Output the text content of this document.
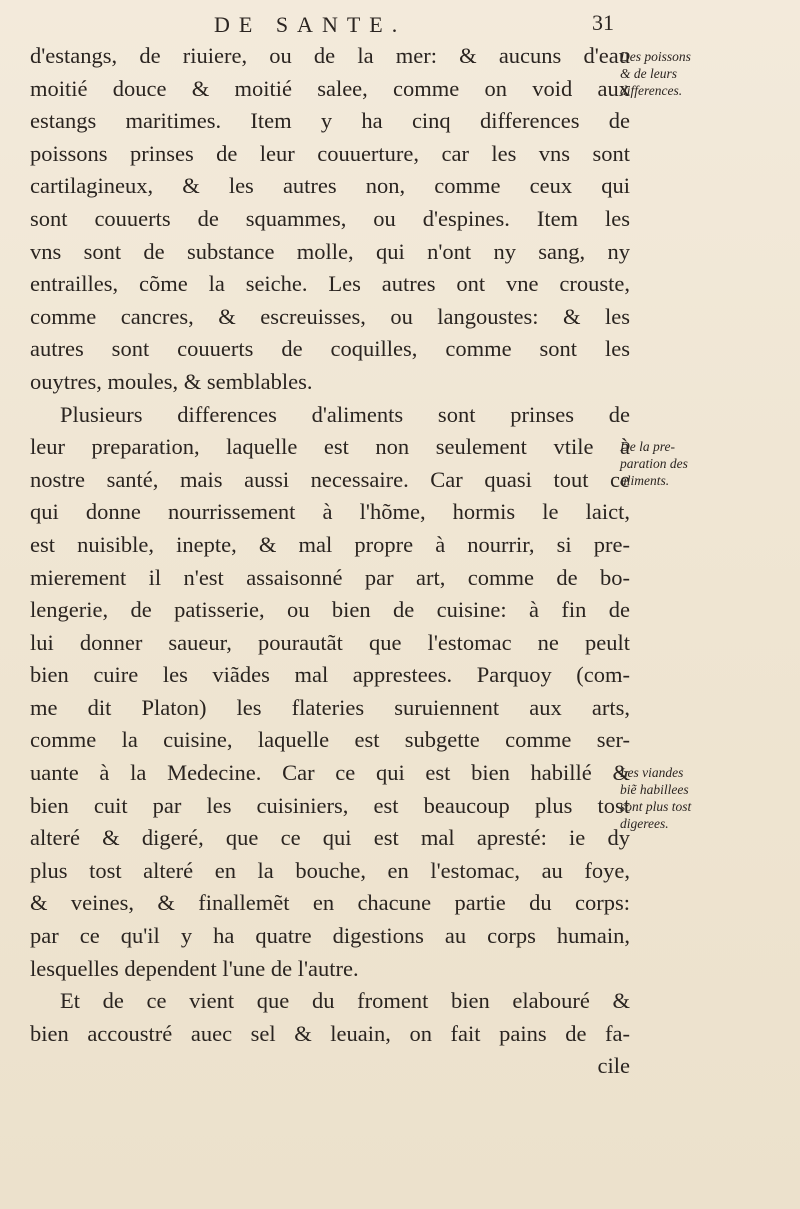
DE SANTE.	31
d'estangs, de riuiere, ou de la mer: & aucuns d'eau
moitié douce & moitié salee, comme on void aux
estangs maritimes. Item y ha cinq differences de
poissons prinses de leur couuerture, car les vns sont
cartilagineux, & les autres non, comme ceux qui
sont couuerts de squammes, ou d'espines. Item les
vns sont de substance molle, qui n'ont ny sang, ny
entrailles, cõme la seiche. Les autres ont vne crouste,
comme cancres, & escreuisses, ou langoustes: & les
autres sont couuerts de coquilles, comme sont les
ouytres, moules, & semblables.
Plusieurs differences d'aliments sont prinses de
leur preparation, laquelle est non seulement vtile à
nostre santé, mais aussi necessaire. Car quasi tout ce
qui donne nourrissement à l'hõme, hormis le laict,
est nuisible, inepte, & mal propre à nourrir, si pre-
mierement il n'est assaisonné par art, comme de bo-
lengerie, de patisserie, ou bien de cuisine: à fin de
lui donner saueur, pourautãt que l'estomac ne peult
bien cuire les viãdes mal apprestees. Parquoy (com-
me dit Platon) les flateries suruiennent aux arts,
comme la cuisine, laquelle est subgette comme ser-
uante à la Medecine. Car ce qui est bien habillé &
bien cuit par les cuisiniers, est beaucoup plus tost
alteré & digeré, que ce qui est mal apresté: ie dy
plus tost alteré en la bouche, en l'estomac, au foye,
& veines, & finallemẽt en chacune partie du corps:
par ce qu'il y ha quatre digestions au corps humain,
lesquelles dependent l'une de l'autre.
Et de ce vient que du froment bien elabouré &
bien accoustré auec sel & leuain, on fait pains de fa-
cile
Des poissons
& de leurs
differences.
De la pre-
paration des
aliments.
Les viandes
biẽ habillees
sont plus tost
digerees.
